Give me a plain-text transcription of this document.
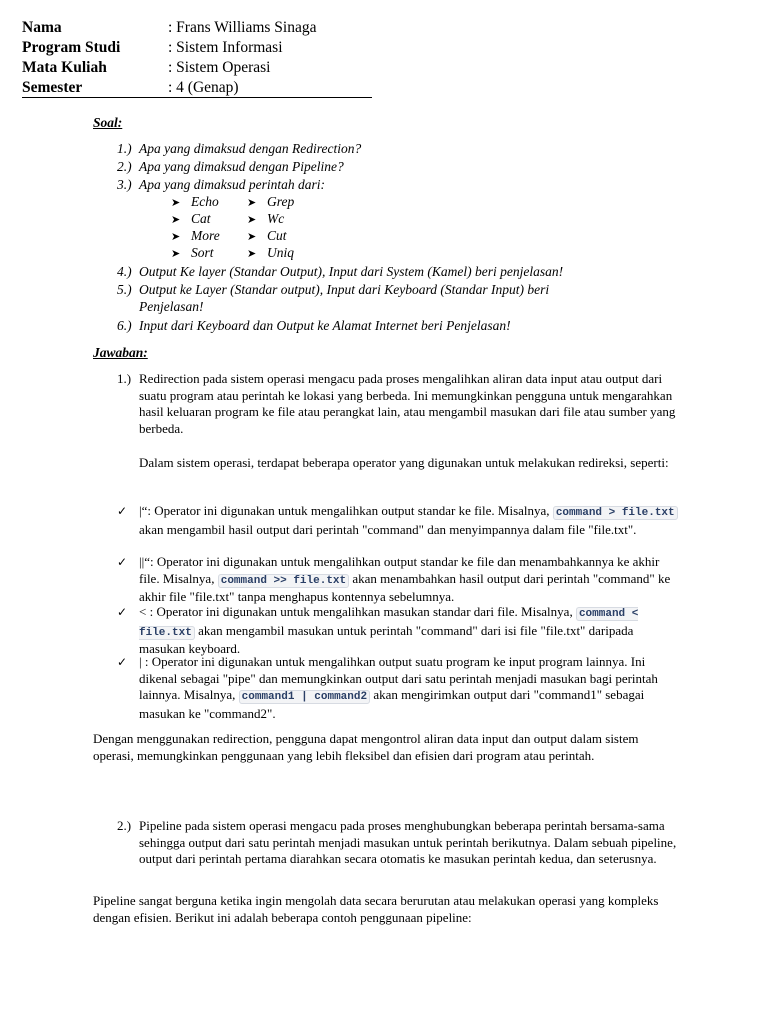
Nama	: Frans Williams Sinaga
Program Studi	: Sistem Informasi
Mata Kuliah	: Sistem Operasi
Semester	: 4 (Genap)
Soal:
1.) Apa yang dimaksud dengan Redirection?
2.) Apa yang dimaksud dengan Pipeline?
3.) Apa yang dimaksud perintah dari:
➤ Echo	➤ Grep
➤ Cat	➤ Wc
➤ More	➤ Cut
➤ Sort	➤ Uniq
4.) Output Ke layer (Standar Output), Input dari System (Kamel) beri penjelasan!
5.) Output ke Layer (Standar output), Input dari Keyboard (Standar Input) beri
Penjelasan!
6.) Input dari Keyboard dan Output ke Alamat Internet beri Penjelasan!
Jawaban:
1.) Redirection pada sistem operasi mengacu pada proses mengalihkan aliran data input atau output dari suatu program atau perintah ke lokasi yang berbeda. Ini memungkinkan pengguna untuk mengarahkan hasil keluaran program ke file atau perangkat lain, atau mengambil masukan dari file atau sumber yang berbeda.
Dalam sistem operasi, terdapat beberapa operator yang digunakan untuk melakukan redireksi, seperti:
✓ |“: Operator ini digunakan untuk mengalihkan output standar ke file. Misalnya, command > file.txt akan mengambil hasil output dari perintah "command" dan menyimpannya dalam file "file.txt".
✓ ||“: Operator ini digunakan untuk mengalihkan output standar ke file dan menambahkannya ke akhir file. Misalnya, command >> file.txt akan menambahkan hasil output dari perintah "command" ke akhir file "file.txt" tanpa menghapus kontennya sebelumnya.
✓ < : Operator ini digunakan untuk mengalihkan masukan standar dari file. Misalnya, command < file.txt akan mengambil masukan untuk perintah "command" dari isi file "file.txt" daripada masukan keyboard.
✓ | : Operator ini digunakan untuk mengalihkan output suatu program ke input program lainnya. Ini dikenal sebagai "pipe" dan memungkinkan output dari satu perintah menjadi masukan bagi perintah lainnya. Misalnya, command1 | command2 akan mengirimkan output dari "command1" sebagai masukan ke "command2".
Dengan menggunakan redirection, pengguna dapat mengontrol aliran data input dan output dalam sistem operasi, memungkinkan penggunaan yang lebih fleksibel dan efisien dari program atau perintah.
2.) Pipeline pada sistem operasi mengacu pada proses menghubungkan beberapa perintah bersama-sama sehingga output dari satu perintah menjadi masukan untuk perintah berikutnya. Dalam sebuah pipeline, output dari perintah pertama diarahkan secara otomatis ke masukan perintah kedua, dan seterusnya.
Pipeline sangat berguna ketika ingin mengolah data secara berurutan atau melakukan operasi yang kompleks dengan efisien. Berikut ini adalah beberapa contoh penggunaan pipeline:
